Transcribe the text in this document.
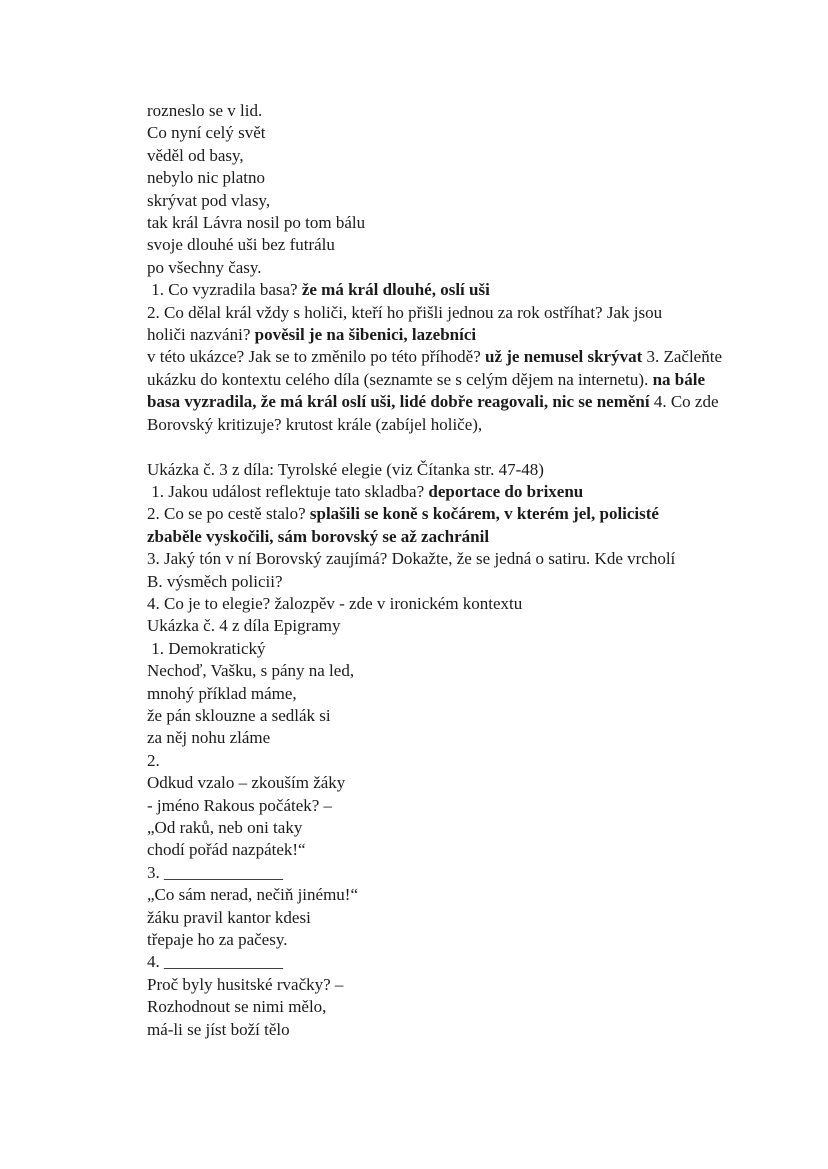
rozneslo se v lid.
Co nyní celý svět
věděl od basy,
nebylo nic platno
skrývat pod vlasy,
tak král Lávra nosil po tom bálu
svoje dlouhé uši bez futrálu
po všechny časy.
1. Co vyzradila basa? že má král dlouhé, oslí uši
2. Co dělal král vždy s holiči, kteří ho přišli jednou za rok ostříhat? Jak jsou
holiči nazváni? pověsil je na šibenici, lazebníci
v této ukázce? Jak se to změnilo po této příhodě? už je nemusel skrývat 3. Začleňte
ukázku do kontextu celého díla (seznamte se s celým dějem na internetu). na bále
basa vyzradila, že má král oslí uši, lidé dobře reagovali, nic se nemění 4. Co zde
Borovský kritizuje? krutost krále (zabíjel holiče),

Ukázka č. 3 z díla: Tyrolské elegie (viz Čítanka str. 47-48)
1. Jakou událost reflektuje tato skladba? deportace do brixenu
2. Co se po cestě stalo? splašili se koně s kočárem, v kterém jel, policisté
zbaběle vyskočili, sám borovský se až zachránil
3. Jaký tón v ní Borovský zaujímá? Dokažte, že se jedná o satiru. Kde vrcholí
B. výsměch policii?
4. Co je to elegie? žalozpěv - zde v ironickém kontextu
Ukázka č. 4 z díla Epigramy
1. Demokratický
Nechoď, Vašku, s pány na led,
mnohý příklad máme,
že pán sklouzne a sedlák si
za něj nohu zláme
2.
Odkud vzalo – zkouším žáky
- jméno Rakous počátek? –
„Od raků, neb oni taky
chodí pořád nazpátek!“
3. ______________
„Co sám nerad, nečiň jinému!“
žáku pravil kantor kdesi
třepaje ho za pačesy.
4. ______________
Proč byly husitské rvačky? –
Rozhodnout se nimi mělo,
má-li se jíst boží tělo
